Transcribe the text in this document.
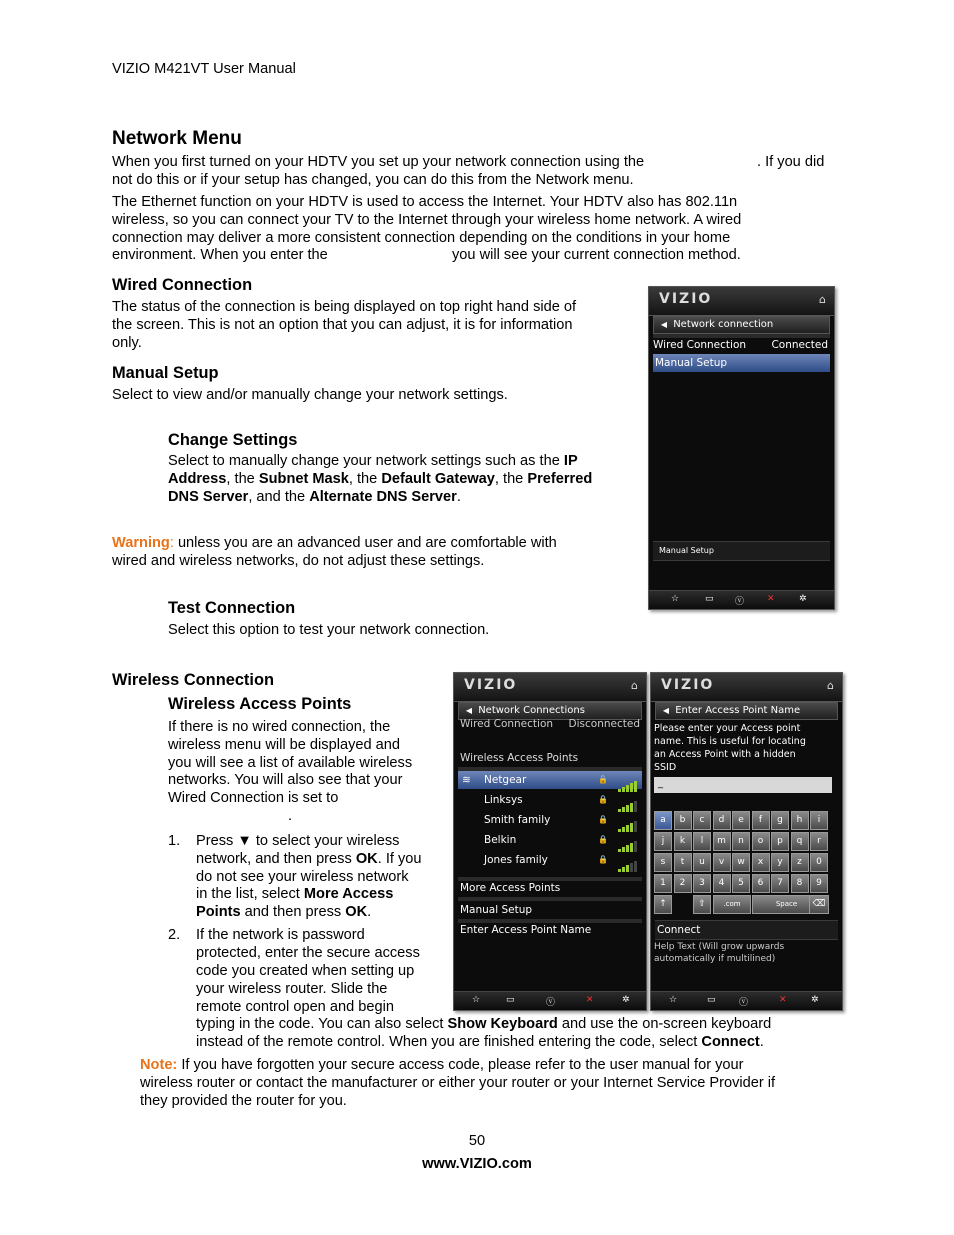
VIZIO M421VT User Manual
Network Menu

When you first turned on your HDTV you set up your network connection using the	. If you did

not do this or if your setup has changed, you can do this from the Network menu.

The Ethernet function on your HDTV is used to access the Internet. Your HDTV also has 802.11n

wireless, so you can connect your TV to the Internet through your wireless home network. A wired

connection may deliver a more consistent connection depending on the conditions in your home

environment. When you enter the	you will see your current connection method.

Wired Connection

The status of the connection is being displayed on top right hand side of

the screen. This is not an option that you can adjust, it is for information

only.

Manual Setup

Select to view and/or manually change your network settings.

Change Settings

Select to manually change your network settings such as the IP

Address, the Subnet Mask, the Default Gateway, the Preferred

DNS Server, and the Alternate DNS Server.

Warning: unless you are an advanced user and are comfortable with

wired and wireless networks, do not adjust these settings.

Test Connection

Select this option to test your network connection.

Wireless Connection
Wireless Access Points

If there is no wired connection, the

wireless menu will be displayed and

you will see a list of available wireless

networks. You will also see that your

Wired Connection is set to

.

1. Press ▼ to select your wireless

network, and then press OK. If you

do not see your wireless network

in the list, select More Access

Points and then press OK.

2. If the network is password

protected, enter the secure access

code you created when setting up

your wireless router. Slide the

remote control open and begin

typing in the code. You can also select Show Keyboard and use the on-screen keyboard

instead of the remote control. When you are finished entering the code, select Connect.

Note: If you have forgotten your secure access code, please refer to the user manual for your

wireless router or contact the manufacturer or either your router or your Internet Service Provider if

they provided the router for you.

50

www.VIZIO.com

VIZIO	⌂
◀ Network connection
Wired Connection Connected
Manual Setup
Manual Setup
☆	▭ ⓥ	✕	✲
VIZIO	⌂
◀ Network Connections
Wired Connection Disconnected
Wireless Access Points
≋ Netgear	🔒
Linksys	🔒
Smith family	🔒
Belkin	🔒
Jones family	🔒
More Access Points
Manual Setup
Enter Access Point Name
☆	▭	ⓥ	✕	✲
VIZIO	⌂
◀ Enter Access Point Name
Please enter your Access point
name. This is useful for locating
an Access Point with a hidden
SSID
_
a	b	c	d	e	f	g	h	i
j	k	l	m	n	o	p	q	r
s	t	u	v	w	x	y	z	0
1	2	3	4	5	6	7	8	9
↑	⇧	.com	Space	⌫
Connect
Help Text (Will grow upwards
automatically if multilined)
☆	▭	ⓥ	✕	✲
